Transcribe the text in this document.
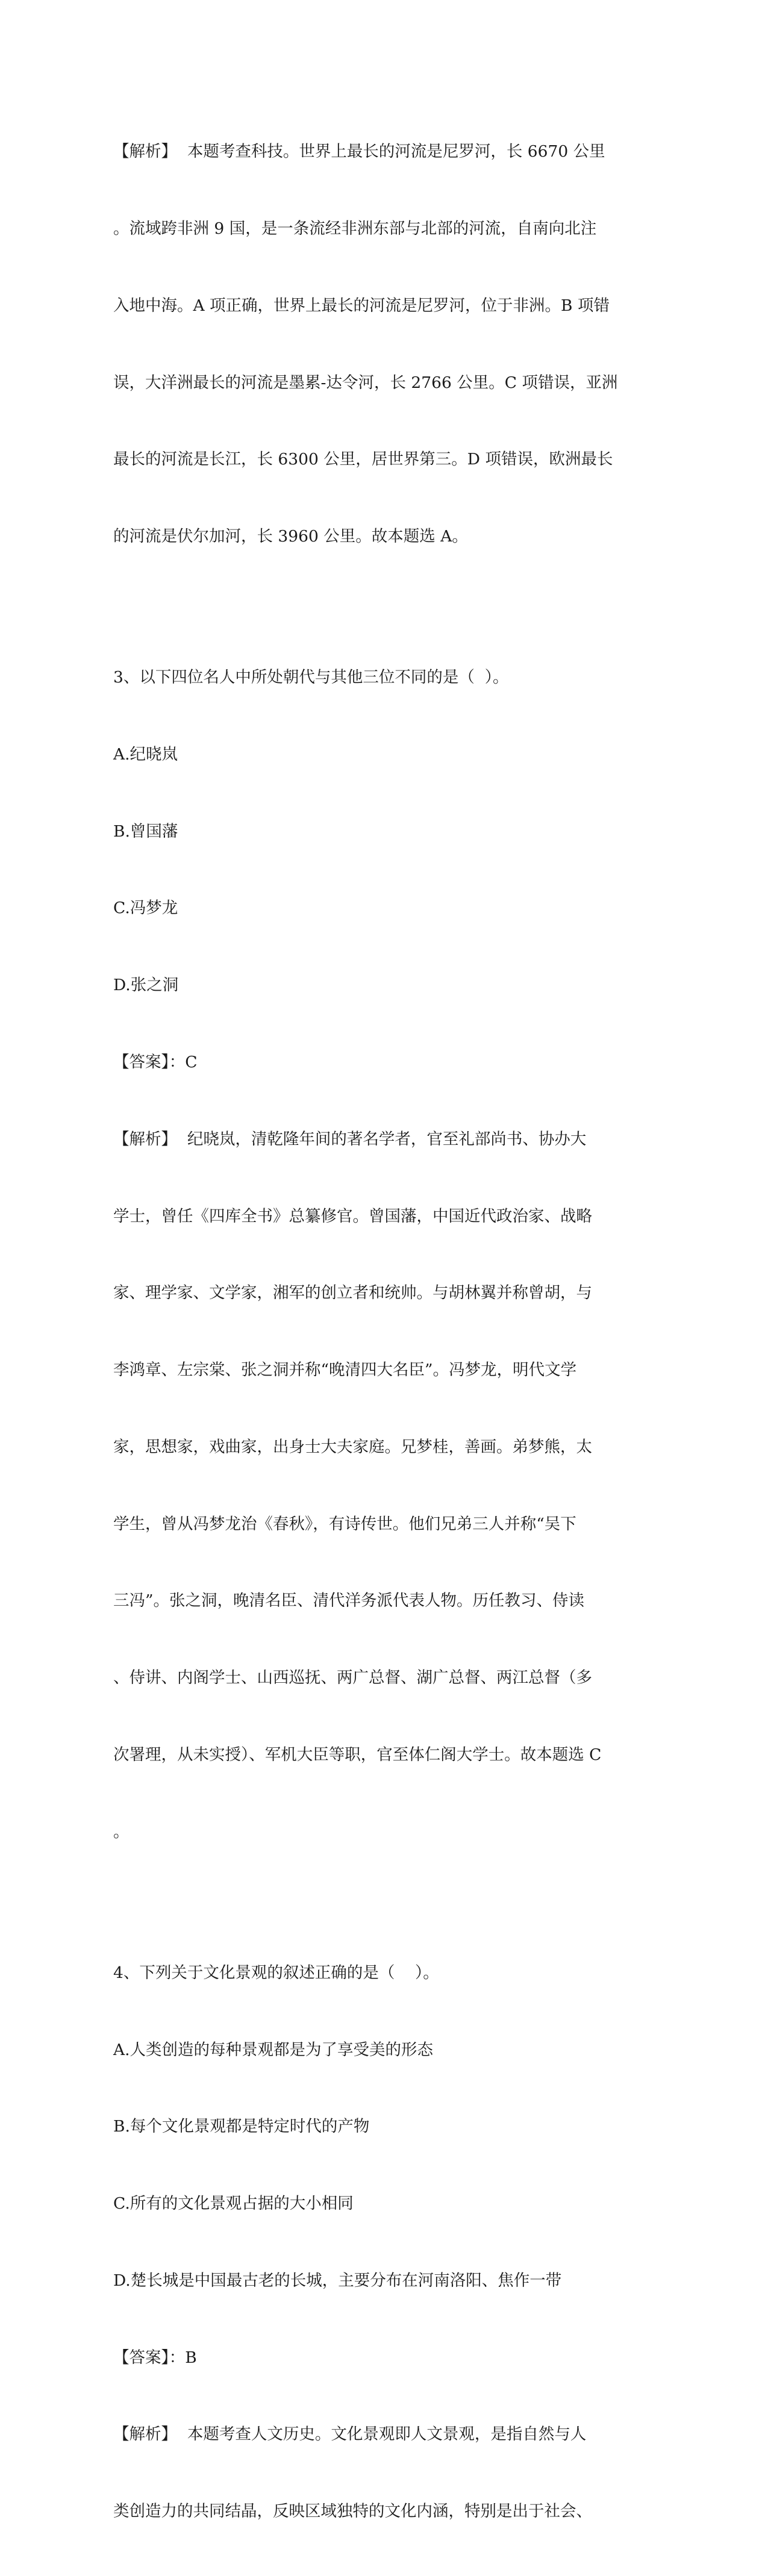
【解析】  本题考查科技。世界上最长的河流是尼罗河，长 6670 公里

。流域跨非洲 9 国，是一条流经非洲东部与北部的河流，自南向北注

入地中海。A 项正确，世界上最长的河流是尼罗河，位于非洲。B 项错

误，大洋洲最长的河流是墨累-达令河，长 2766 公里。C 项错误，亚洲

最长的河流是长江，长 6300 公里，居世界第三。D 项错误，欧洲最长

的河流是伏尔加河，长 3960 公里。故本题选 A。

3、以下四位名人中所处朝代与其他三位不同的是（  ）。

A.纪晓岚

B.曾国藩

C.冯梦龙

D.张之洞

【答案】：C

【解析】  纪晓岚，清乾隆年间的著名学者，官至礼部尚书、协办大

学士，曾任《四库全书》总纂修官。曾国藩，中国近代政治家、战略

家、理学家、文学家，湘军的创立者和统帅。与胡林翼并称曾胡，与

李鸿章、左宗棠、张之洞并称“晚清四大名臣”。冯梦龙，明代文学

家，思想家，戏曲家，出身士大夫家庭。兄梦桂，善画。弟梦熊，太

学生，曾从冯梦龙治《春秋》，有诗传世。他们兄弟三人并称“吴下

三冯”。张之洞，晚清名臣、清代洋务派代表人物。历任教习、侍读

、侍讲、内阁学士、山西巡抚、两广总督、湖广总督、两江总督（多

次署理，从未实授）、军机大臣等职，官至体仁阁大学士。故本题选 C

。

4、下列关于文化景观的叙述正确的是（    ）。

A.人类创造的每种景观都是为了享受美的形态

B.每个文化景观都是特定时代的产物

C.所有的文化景观占据的大小相同

D.楚长城是中国最古老的长城，主要分布在河南洛阳、焦作一带

【答案】：B

【解析】  本题考查人文历史。文化景观即人文景观，是指自然与人

类创造力的共同结晶，反映区域独特的文化内涵，特别是出于社会、
